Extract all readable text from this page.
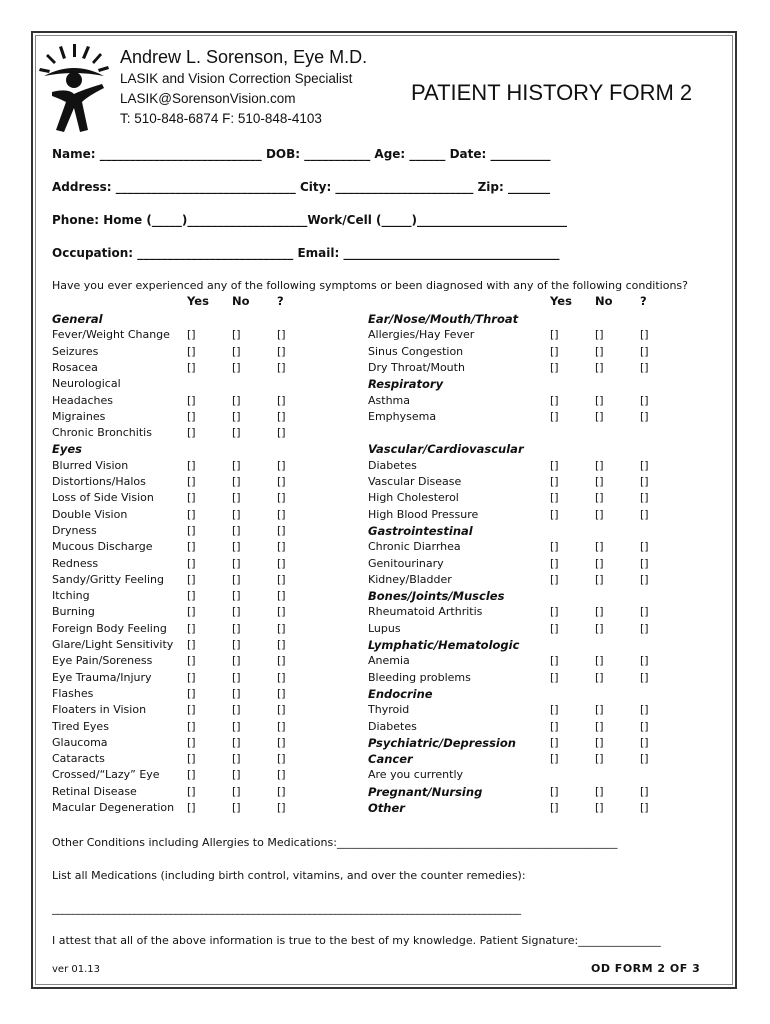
Andrew L. Sorenson, Eye M.D.
LASIK and Vision Correction Specialist
LASIK@SorensonVision.com
T: 510-848-6874 F: 510-848-4103
PATIENT HISTORY FORM 2
Name: ___________________________ DOB: ___________ Age: ______ Date: __________
Address: ______________________________ City: _______________________ Zip: _______
Phone: Home (_____)____________________Work/Cell (_____)_________________________
Occupation: __________________________ Email: ____________________________________
Have you ever experienced any of the following symptoms or been diagnosed with any of the following conditions?
Yes No ?	Yes No ?
General
Fever/Weight Change []	[]	[]
Seizures	[]	[]	[]
Rosacea	[]	[]	[]
Neurological
Headaches	[]	[]	[]
Migraines	[]	[]	[]
Chronic Bronchitis	[]	[]	[]
Eyes
Blurred Vision	[]	[]	[]
Distortions/Halos	[]	[]	[]
Loss of Side Vision	[]	[]	[]
Double Vision	[]	[]	[]
Dryness	[]	[]	[]
Mucous Discharge	[]	[]	[]
Redness	[]	[]	[]
Sandy/Gritty Feeling []	[]	[]
Itching	[]	[]	[]
Burning	[]	[]	[]
Foreign Body Feeling []	[]	[]
Glare/Light Sensitivity []	[]	[]
Eye Pain/Soreness	[]	[]	[]
Eye Trauma/Injury	[]	[]	[]
Flashes	[]	[]	[]
Floaters in Vision	[]	[]	[]
Tired Eyes	[]	[]	[]
Glaucoma	[]	[]	[]
Cataracts	[]	[]	[]
Crossed/“Lazy” Eye []	[]	[]
Retinal Disease	[]	[]	[]
Macular Degeneration []	[]	[]
Ear/Nose/Mouth/Throat
Allergies/Hay Fever	[]	[]	[]
Sinus Congestion	[]	[]	[]
Dry Throat/Mouth	[]	[]	[]
Respiratory
Asthma	[]	[]	[]
Emphysema	[]	[]	[]
Vascular/Cardiovascular
Diabetes	[]	[]	[]
Vascular Disease	[]	[]	[]
High Cholesterol	[]	[]	[]
High Blood Pressure	[]	[]	[]
Gastrointestinal
Chronic Diarrhea	[]	[]	[]
Genitourinary	[]	[]	[]
Kidney/Bladder	[]	[]	[]
Bones/Joints/Muscles
Rheumatoid Arthritis	[]	[]	[]
Lupus	[]	[]	[]
Lymphatic/Hematologic
Anemia	[]	[]	[]
Bleeding problems	[]	[]	[]
Endocrine
Thyroid	[]	[]	[]
Diabetes	[]	[]	[]
Psychiatric/Depression	[]	[]	[]
Cancer	[]	[]	[]
Are you currently
Pregnant/Nursing	[]	[]	[]
Other	[]	[]	[]
Other Conditions including Allergies to Medications:___________________________________________________
List all Medications (including birth control, vitamins, and over the counter remedies):
___________________________________________________________________________________________
I attest that all of the above information is true to the best of my knowledge. Patient Signature:_______________
ver 01.13	OD FORM 2 OF 3
